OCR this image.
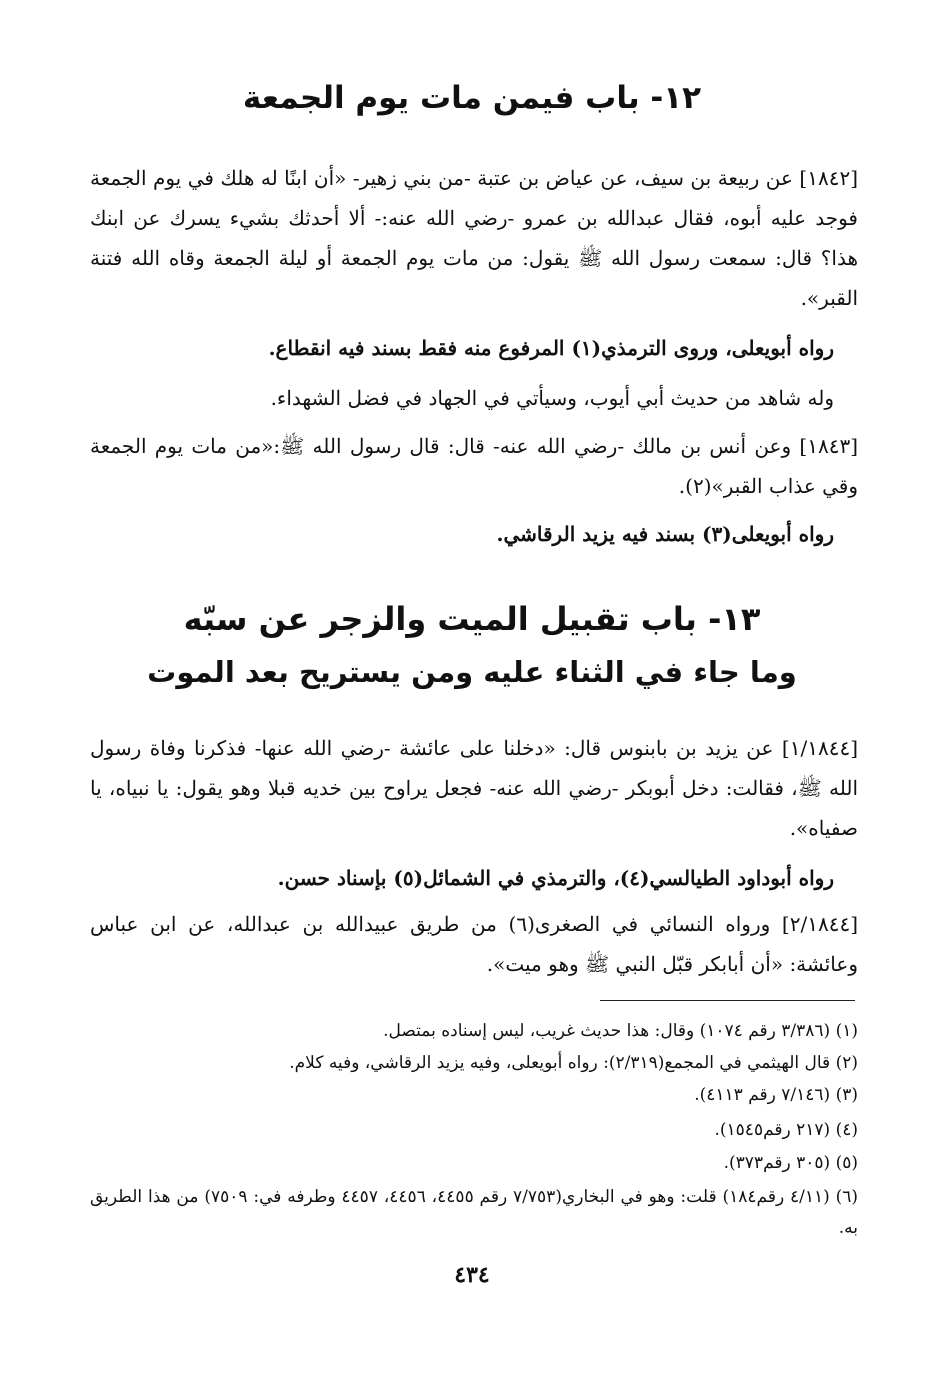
١٢- باب فيمن مات يوم الجمعة
[١٨٤٢] عن ربيعة بن سيف، عن عياض بن عتبة -من بني زهير- «أن ابنًا له هلك في يوم الجمعة فوجد عليه أبوه، فقال عبدالله بن عمرو -رضي الله عنه:- ألا أحدثك بشيء يسرك عن ابنك هذا؟ قال: سمعت رسول الله ﷺ يقول: من مات يوم الجمعة أو ليلة الجمعة وقاه الله فتنة القبر».
رواه أبويعلى، وروى الترمذي(١) المرفوع منه فقط بسند فيه انقطاع.
وله شاهد من حديث أبي أيوب، وسيأتي في الجهاد في فضل الشهداء.
[١٨٤٣] وعن أنس بن مالك -رضي الله عنه- قال: قال رسول الله ﷺ:«من مات يوم الجمعة وقي عذاب القبر»(٢).
رواه أبويعلى(٣) بسند فيه يزيد الرقاشي.
١٣- باب تقبيل الميت والزجر عن سبّه
وما جاء في الثناء عليه ومن يستريح بعد الموت
[١/١٨٤٤] عن يزيد بن بابنوس قال: «دخلنا على عائشة -رضي الله عنها- فذكرنا وفاة رسول الله ﷺ، فقالت: دخل أبوبكر -رضي الله عنه- فجعل يراوح بين خديه قبلا وهو يقول: يا نبياه، يا صفياه».
رواه أبوداود الطيالسي(٤)، والترمذي في الشمائل(٥) بإسناد حسن.
[٢/١٨٤٤] ورواه النسائي في الصغرى(٦) من طريق عبيدالله بن عبدالله، عن ابن عباس وعائشة: «أن أبابكر قبّل النبي ﷺ وهو ميت».
(١) (٣/٣٨٦ رقم ١٠٧٤) وقال: هذا حديث غريب، ليس إسناده بمتصل.
(٢) قال الهيثمي في المجمع(٢/٣١٩): رواه أبويعلى، وفيه يزيد الرقاشي، وفيه كلام.
(٣) (٧/١٤٦ رقم ٤١١٣).
(٤) (٢١٧ رقم١٥٤٥).
(٥) (٣٠٥ رقم٣٧٣).
(٦) (٤/١١ رقم١٨٤) قلت: وهو في البخاري(٧/٧٥٣ رقم ٤٤٥٥، ٤٤٥٦، ٤٤٥٧ وطرفه في: ٧٥٠٩) من هذا الطريق به.
٤٣٤
